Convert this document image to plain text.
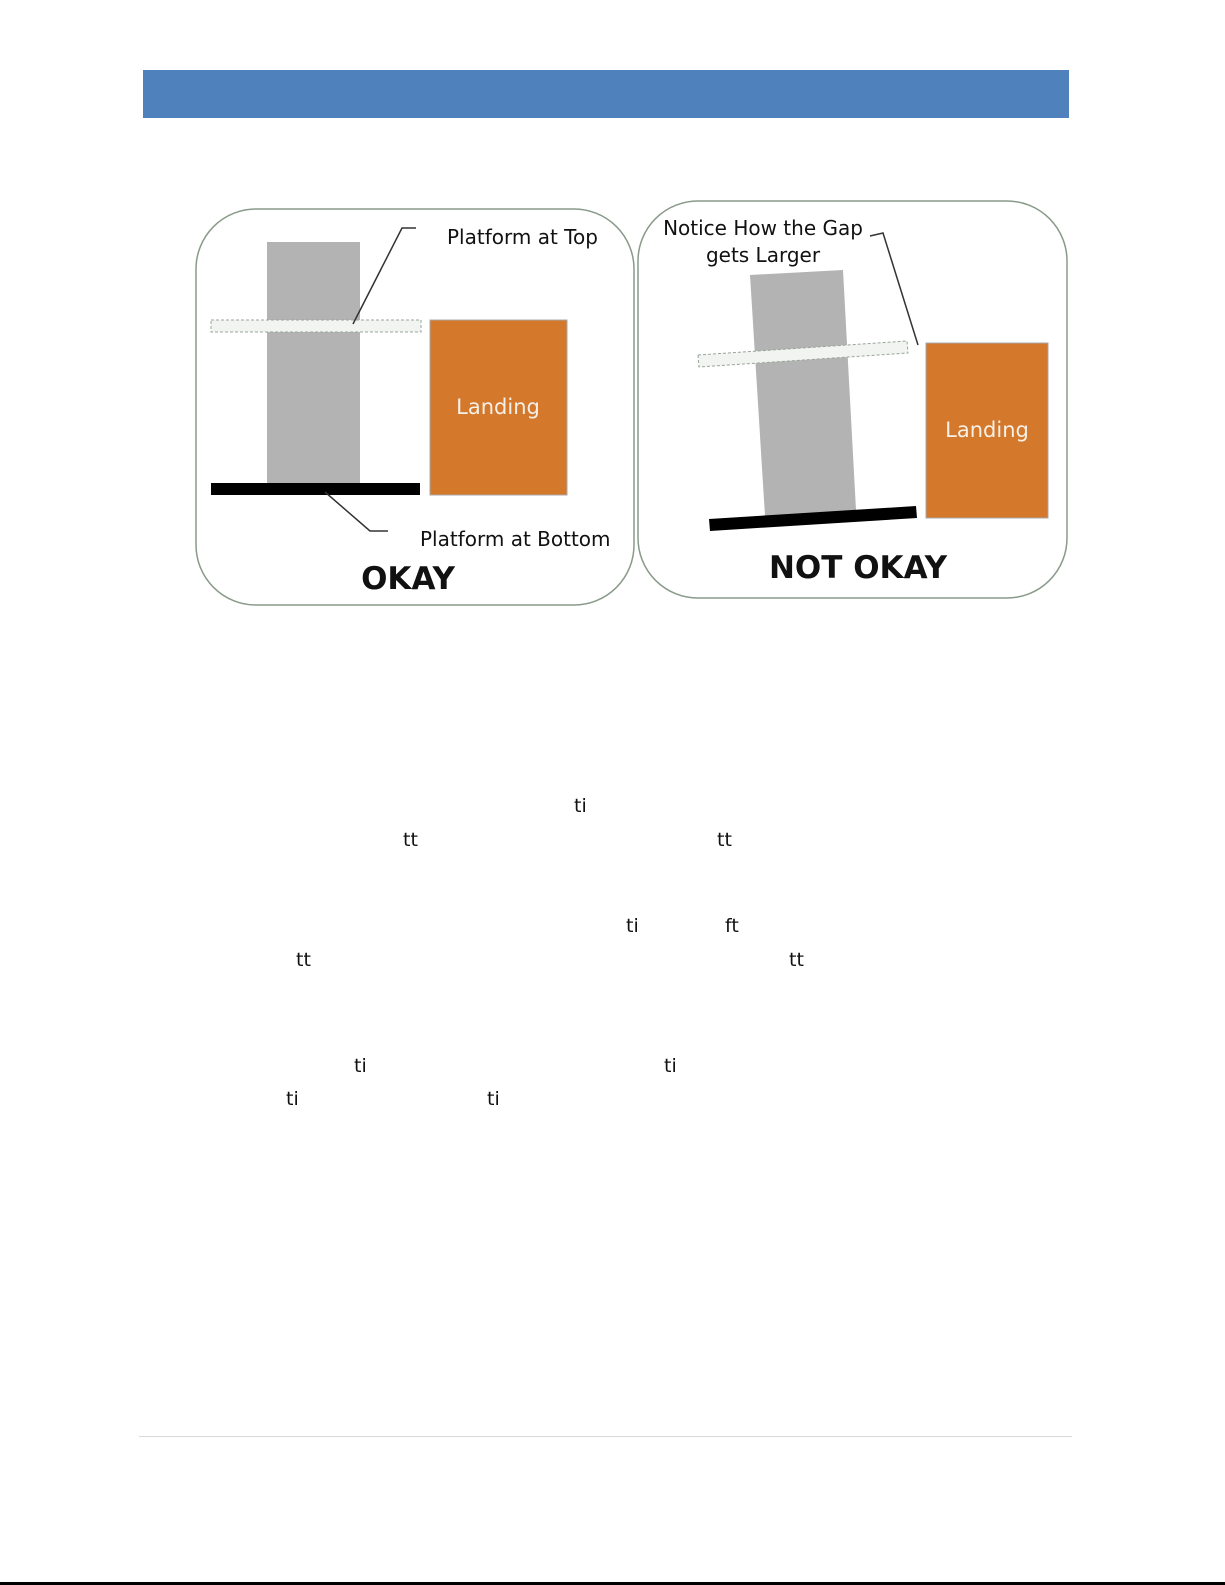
Platform at Top
Platform at Bottom
Landing
OKAY
Notice How the Gap
gets Larger
Landing
NOT OKAY
ti
tt	tt
ti	ft
tt	tt
ti	ti
ti	ti
